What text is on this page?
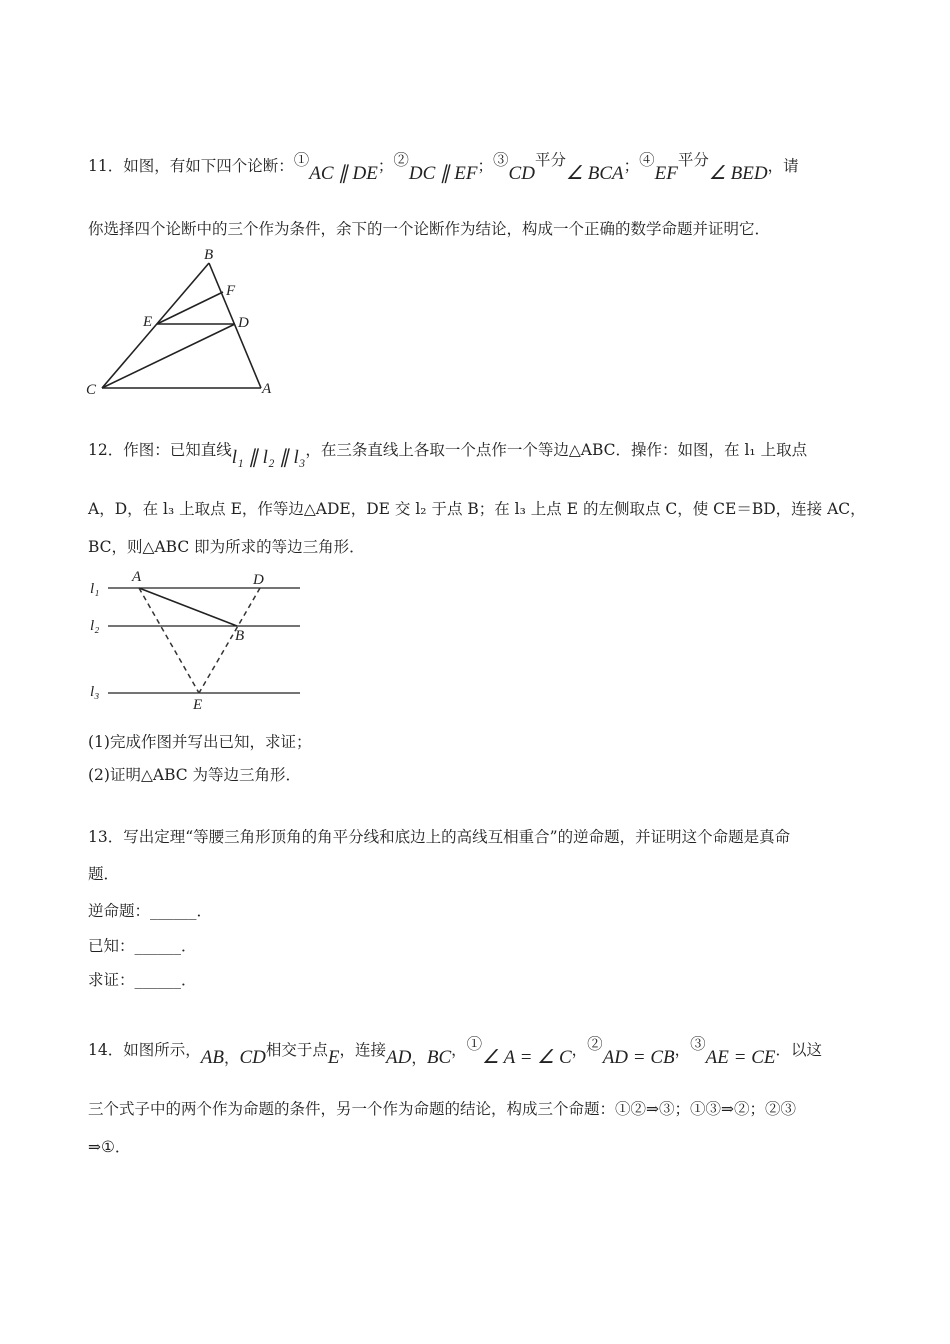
11．如图，有如下四个论断：①AC ∥ DE；②DC ∥ EF；③CD平分∠ BCA；④EF平分∠ BED，请
你选择四个论断中的三个作为条件，余下的一个论断作为结论，构成一个正确的数学命题并证明它．
B
F
E	D
C	A
12．作图：已知直线l₁ ∥ l₂ ∥ l₃，在三条直线上各取一个点作一个等边△ABC．操作：如图，在 l₁ 上取点
A，D，在 l₃ 上取点 E，作等边△ADE，DE 交 l₂ 于点 B；在 l₃ 上点 E 的左侧取点 C，使 CE＝BD，连接 AC，
BC，则△ABC 即为所求的等边三角形．
l₁
l₂
l₃
A	D
B
E
(1)完成作图并写出已知，求证；
(2)证明△ABC 为等边三角形．
13．写出定理“等腰三角形顶角的角平分线和底边上的高线互相重合”的逆命题，并证明这个命题是真命
题．
逆命题：______．
已知：______．
求证：______．
14．如图所示，AB，CD相交于点E，连接AD，BC，①∠ A = ∠ C，②AD = CB，③AE = CE．以这
三个式子中的两个作为命题的条件，另一个作为命题的结论，构成三个命题：①②⇒③；①③⇒②；②③
⇒①．
